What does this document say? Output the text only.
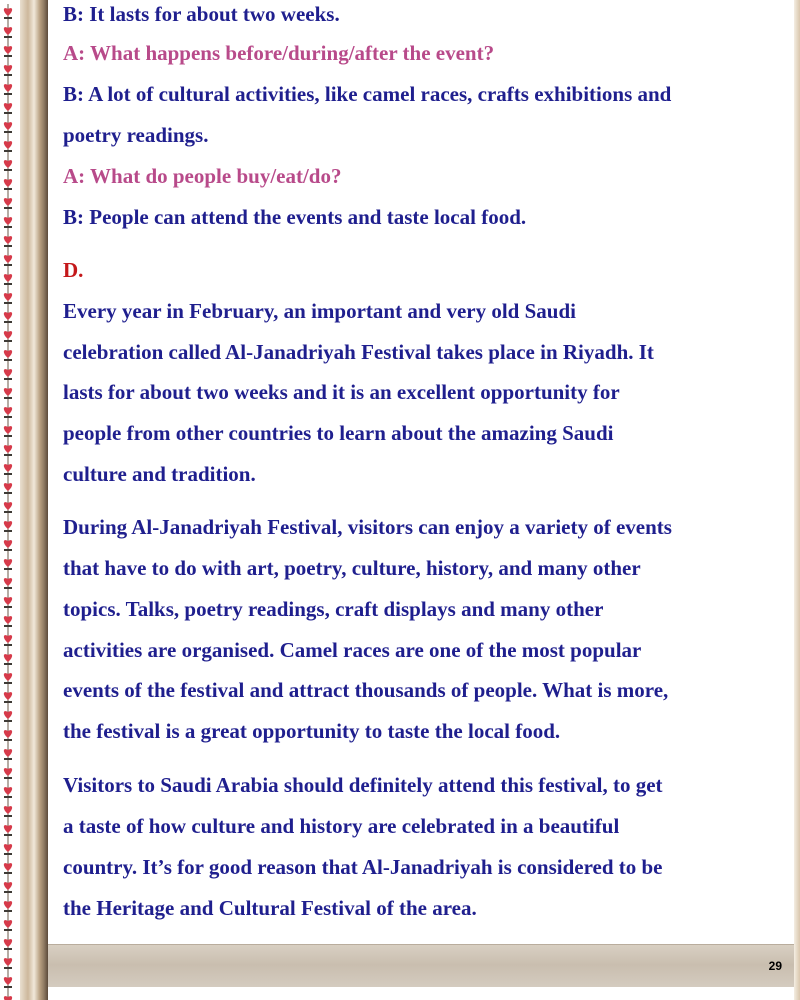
B: It lasts for about two weeks.
A: What happens before/during/after the event?
B: A lot of cultural activities, like camel races, crafts exhibitions and
poetry readings.
A: What do people buy/eat/do?
B: People can attend the events and taste local food.
D.
Every year in February, an important and very old Saudi
celebration called Al-Janadriyah Festival takes place in Riyadh. It
lasts for about two weeks and it is an excellent opportunity for
people from other countries to learn about the amazing Saudi
culture and tradition.
During Al-Janadriyah Festival, visitors can enjoy a variety of events
that have to do with art, poetry, culture, history, and many other
topics. Talks, poetry readings, craft displays and many other
activities are organised. Camel races are one of the most popular
events of the festival and attract thousands of people. What is more,
the festival is a great opportunity to taste the local food.
Visitors to Saudi Arabia should definitely attend this festival, to get
a taste of how culture and history are celebrated in a beautiful
country. It’s for good reason that Al-Janadriyah is considered to be
the Heritage and Cultural Festival of the area.
29
